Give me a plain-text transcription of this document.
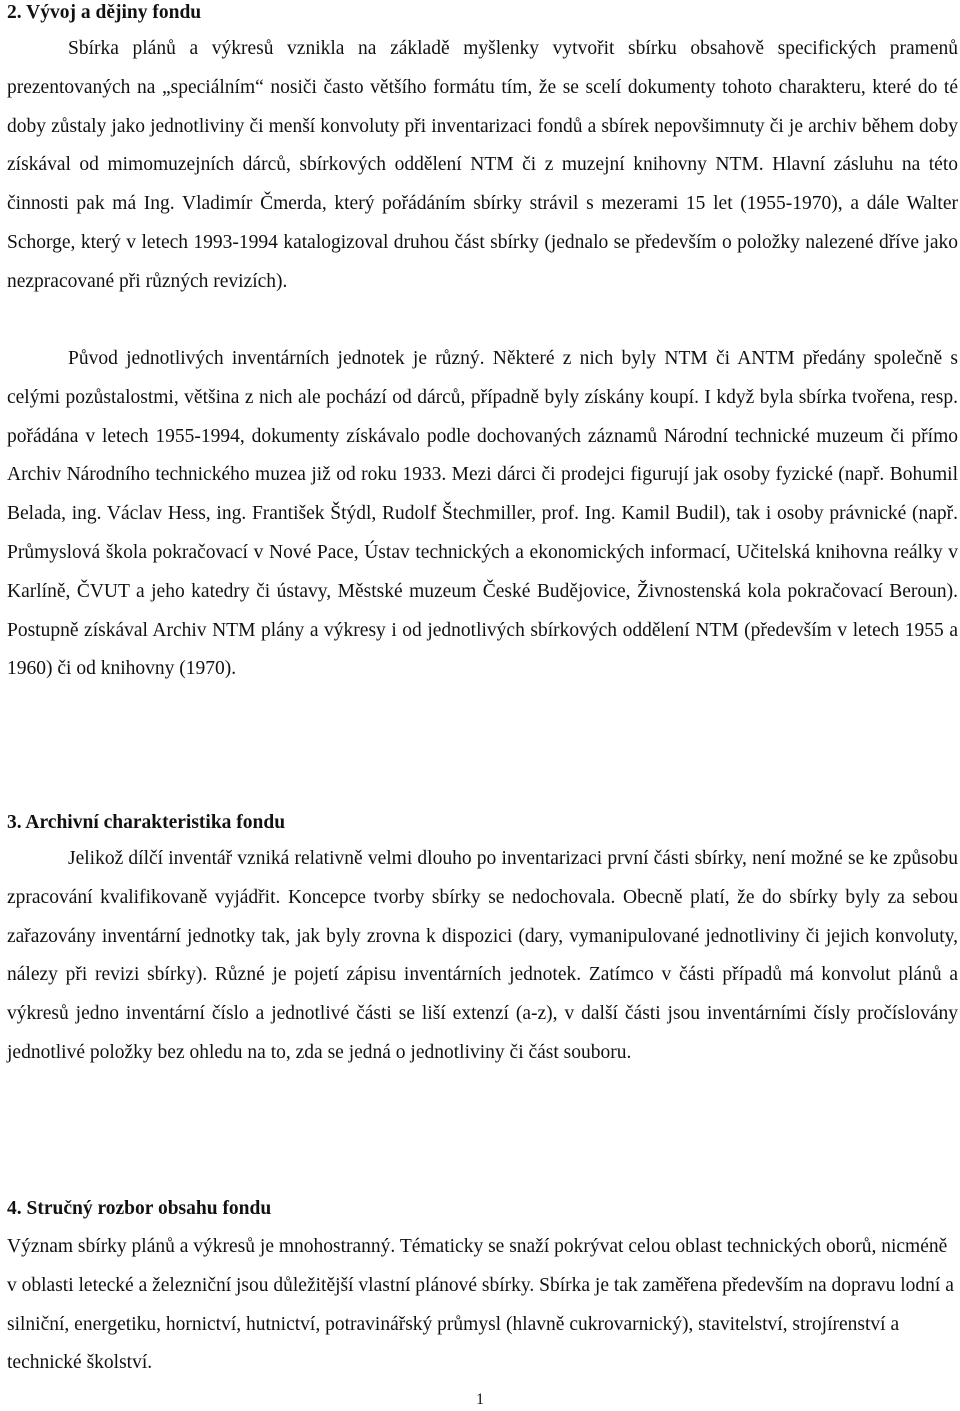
2. Vývoj a dějiny fondu

Sbírka plánů a výkresů vznikla na základě myšlenky vytvořit sbírku obsahově specifických pramenů prezentovaných na „speciálním“ nosiči často většího formátu tím, že se scelí dokumenty tohoto charakteru, které do té doby zůstaly jako jednotliviny či menší konvoluty při inventarizaci fondů a sbírek nepovšimnuty či je archiv během doby získával od mimomuzejních dárců, sbírkových oddělení NTM či z muzejní knihovny NTM. Hlavní zásluhu na této činnosti pak má Ing. Vladimír Čmerda, který pořádáním sbírky strávil s mezerami 15 let (1955-1970), a dále Walter Schorge, který v letech 1993-1994 katalogizoval druhou část sbírky (jednalo se především o položky nalezené dříve jako nezpracované při různých revizích).

Původ jednotlivých inventárních jednotek je různý. Některé z nich byly NTM či ANTM předány společně s celými pozůstalostmi, většina z nich ale pochází od dárců, případně byly získány koupí. I když byla sbírka tvořena, resp. pořádána v letech 1955-1994, dokumenty získávalo podle dochovaných záznamů Národní technické muzeum či přímo Archiv Národního technického muzea již od roku 1933. Mezi dárci či prodejci figurují jak osoby fyzické (např. Bohumil Belada, ing. Václav Hess, ing. František Štýdl, Rudolf Štechmiller, prof. Ing. Kamil Budil), tak i osoby právnické (např. Průmyslová škola pokračovací v Nové Pace, Ústav technických a ekonomických informací, Učitelská knihovna reálky v Karlíně, ČVUT a jeho katedry či ústavy, Městské muzeum České Budějovice, Živnostenská kola pokračovací Beroun). Postupně získával Archiv NTM plány a výkresy i od jednotlivých sbírkových oddělení NTM (především v letech 1955 a 1960) či od knihovny (1970).

3. Archivní charakteristika fondu

Jelikož dílčí inventář vzniká relativně velmi dlouho po inventarizaci první části sbírky, není možné se ke způsobu zpracování kvalifikovaně vyjádřit. Koncepce tvorby sbírky se nedochovala. Obecně platí, že do sbírky byly za sebou zařazovány inventární jednotky tak, jak byly zrovna k dispozici (dary, vymanipulované jednotliviny či jejich konvoluty, nálezy při revizi sbírky). Různé je pojetí zápisu inventárních jednotek. Zatímco v části případů má konvolut plánů a výkresů jedno inventární číslo a jednotlivé části se liší extenzí (a-z), v další části jsou inventárními čísly pročíslovány jednotlivé položky bez ohledu na to, zda se jedná o jednotliviny či část souboru.

4. Stručný rozbor obsahu fondu

Význam sbírky plánů a výkresů je mnohostranný. Tématicky se snaží pokrývat celou oblast technických oborů, nicméně v oblasti letecké a železniční jsou důležitější vlastní plánové sbírky. Sbírka je tak zaměřena především na dopravu lodní a silniční, energetiku, hornictví, hutnictví, potravinářský průmysl (hlavně cukrovarnický), stavitelství, strojírenství a technické školství.

1
